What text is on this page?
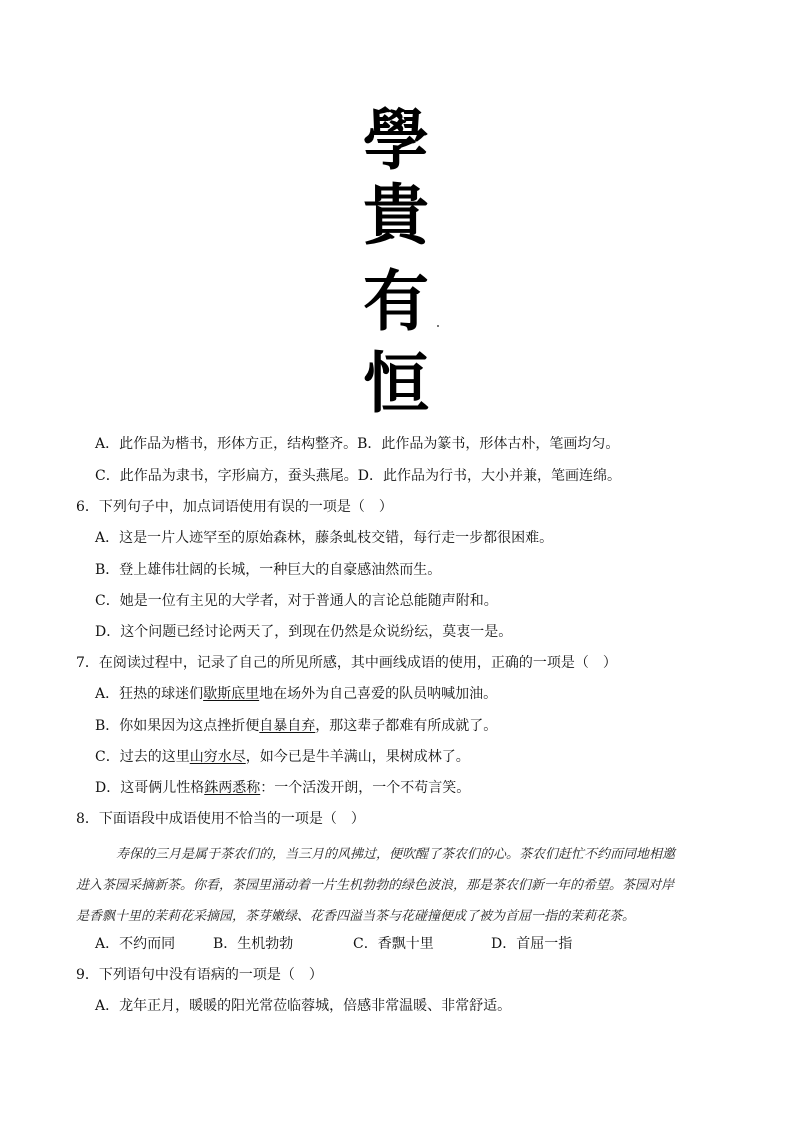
學
貴
有
恒
A．此作品为楷书，形体方正，结构整齐。B．此作品为篆书，形体古朴，笔画均匀。
C．此作品为隶书，字形扁方，蚕头燕尾。D．此作品为行书，大小并兼，笔画连绵。
6．下列句子中，加点词语使用有误的一项是（　）
A．这是一片人迹罕至的原始森林，藤条虬枝交错，每行走一步都很困难。
B．登上雄伟壮阔的长城，一种巨大的自豪感油然而生。
C．她是一位有主见的大学者，对于普通人的言论总能随声附和。
D．这个问题已经讨论两天了，到现在仍然是众说纷纭，莫衷一是。
7．在阅读过程中，记录了自己的所见所感，其中画线成语的使用，正确的一项是（　）
A．狂热的球迷们歇斯底里地在场外为自己喜爱的队员呐喊加油。
B．你如果因为这点挫折便自暴自弃，那这辈子都难有所成就了。
C．过去的这里山穷水尽，如今已是牛羊满山，果树成林了。
D．这哥俩儿性格銖两悉称：一个活泼开朗，一个不苟言笑。
8．下面语段中成语使用不恰当的一项是（　）
寿保的三月是属于茶农们的，当三月的风拂过，便吹醒了茶农们的心。茶农们赶忙不约而同地相邀
进入茶园采摘新茶。你看，茶园里涌动着一片生机勃勃的绿色波浪，那是茶农们新一年的希望。茶园对岸
是香飘十里的茉莉花采摘园，茶芽嫩绿、花香四溢当茶与花碰撞便成了被为首屈一指的茉莉花茶。
A．不约而同	B．生机勃勃	C．香飘十里	D．首屈一指
9．下列语句中没有语病的一项是（　）
A．龙年正月，暖暖的阳光常莅临蓉城，倍感非常温暖、非常舒适。
